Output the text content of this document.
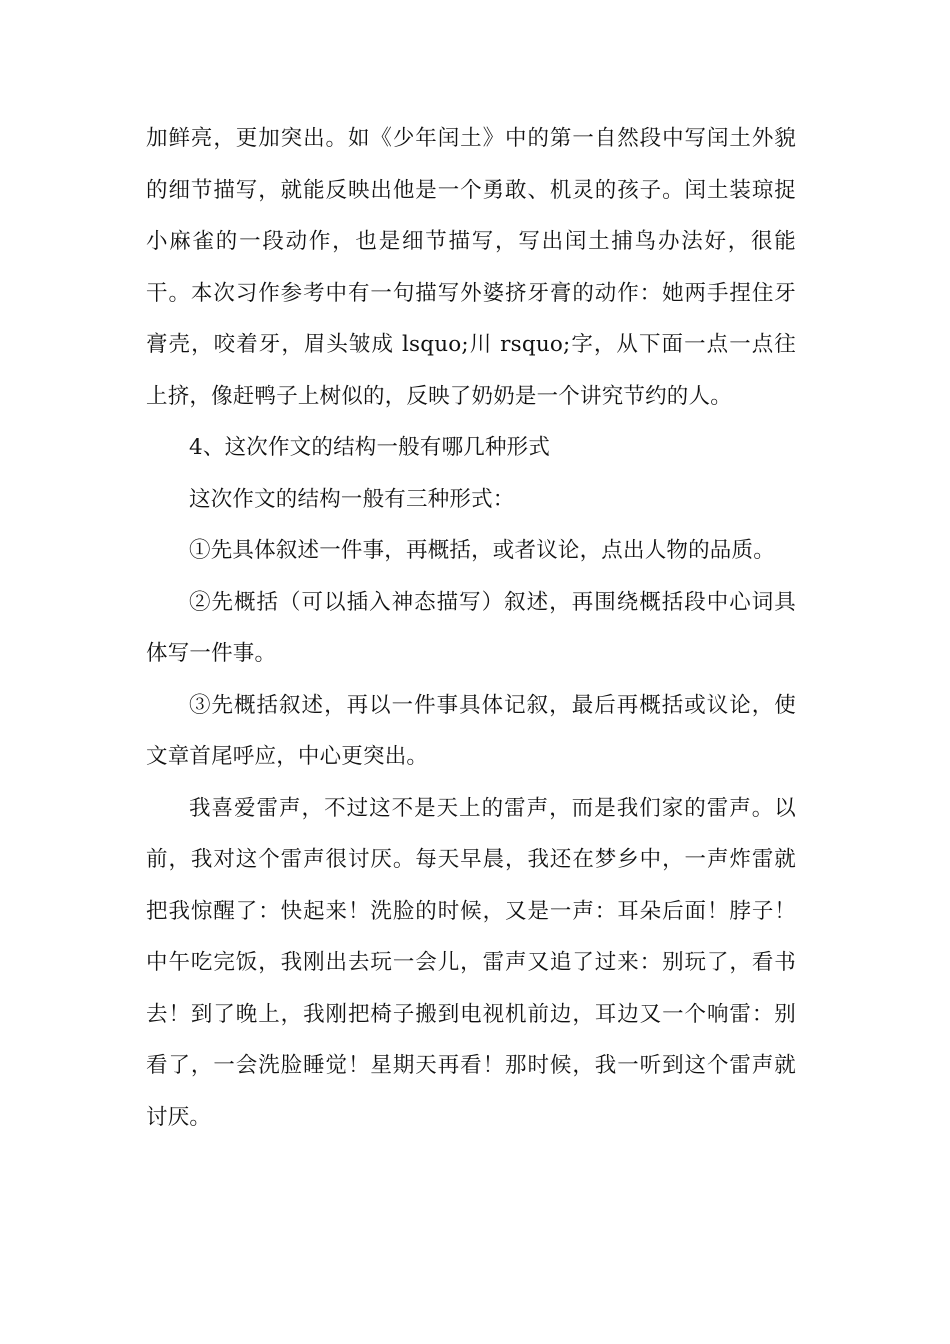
加鲜亮，更加突出。如《少年闰土》中的第一自然段中写闰土外貌的细节描写，就能反映出他是一个勇敢、机灵的孩子。闰土装琼捉小麻雀的一段动作，也是细节描写，写出闰土捕鸟办法好，很能干。本次习作参考中有一句描写外婆挤牙膏的动作：她两手捏住牙膏壳，咬着牙，眉头皱成 lsquo;川 rsquo;字，从下面一点一点往上挤，像赶鸭子上树似的，反映了奶奶是一个讲究节约的人。

4、这次作文的结构一般有哪几种形式

这次作文的结构一般有三种形式：

①先具体叙述一件事，再概括，或者议论，点出人物的品质。

②先概括（可以插入神态描写）叙述，再围绕概括段中心词具体写一件事。

③先概括叙述，再以一件事具体记叙，最后再概括或议论，使文章首尾呼应，中心更突出。

我喜爱雷声，不过这不是天上的雷声，而是我们家的雷声。以前，我对这个雷声很讨厌。每天早晨，我还在梦乡中，一声炸雷就把我惊醒了：快起来！洗脸的时候，又是一声：耳朵后面！脖子！中午吃完饭，我刚出去玩一会儿，雷声又追了过来：别玩了，看书去！到了晚上，我刚把椅子搬到电视机前边，耳边又一个响雷：别看了，一会洗脸睡觉！星期天再看！那时候，我一听到这个雷声就讨厌。
